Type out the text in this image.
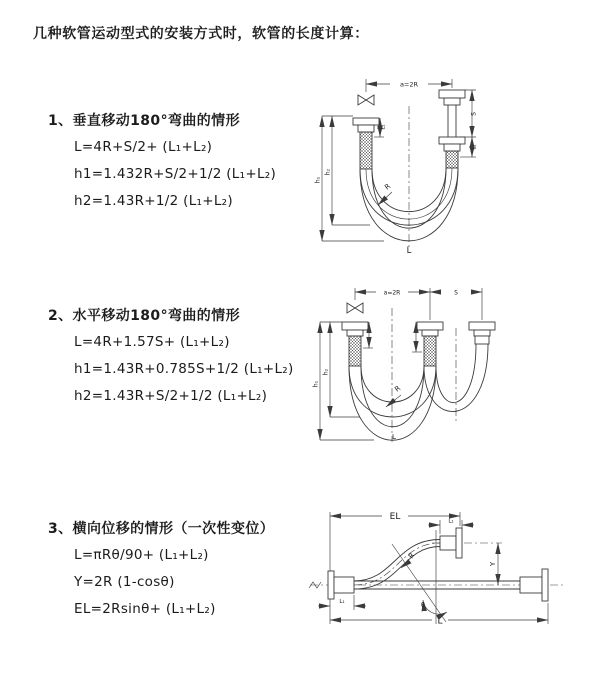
几种软管运动型式的安装方式时，软管的长度计算：
1、垂直移动180°弯曲的情形
L=4R+S/2+ (L₁+L₂)
h1=1.432R+S/2+1/2 (L₁+L₂)
h2=1.43R+1/2 (L₁+L₂)
2、水平移动180°弯曲的情形
L=4R+1.57S+ (L₁+L₂)
h1=1.43R+0.785S+1/2 (L₁+L₂)
h2=1.43R+S/2+1/2 (L₁+L₂)
3、横向位移的情形（一次性变位）
L=πRθ/90+ (L₁+L₂)
Y=2R (1-cosθ)
EL=2Rsinθ+ (L₁+L₂)
a=2R
L₁
S
L₁
h₁
h₂
R
L
a=2R	S
h₁
h₂
R
L
EL	L₁
L₁
L
Y
R
θ
